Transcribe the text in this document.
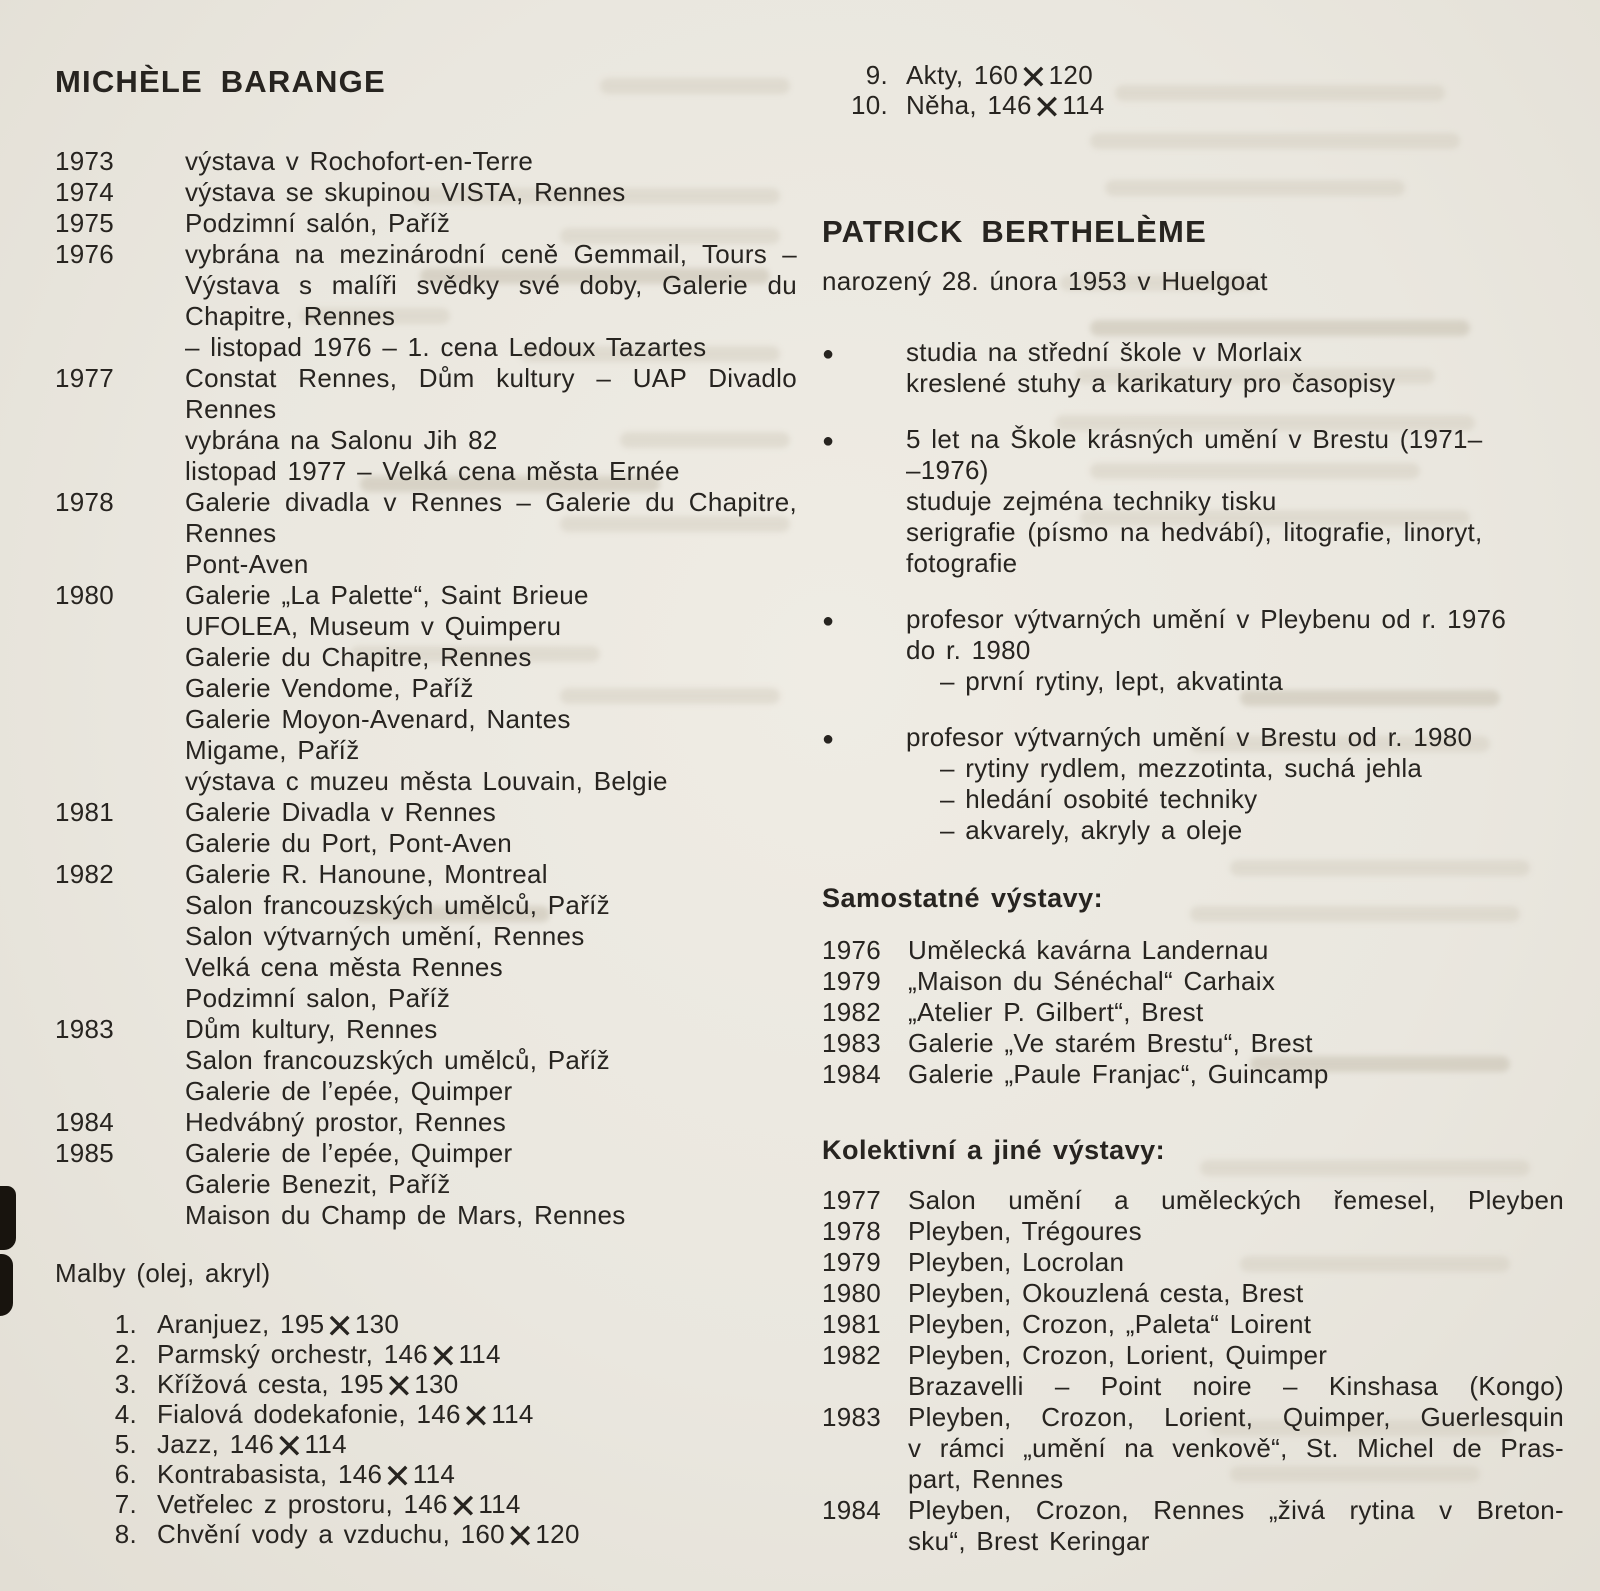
MICHÈLE BARANGE
1973	výstava v Rochofort-en-Terre
1974	výstava se skupinou VISTA, Rennes
1975	Podzimní salón, Paříž
1976	vybrána na mezinárodní ceně Gemmail, Tours –
Výstava s malíři svědky své doby, Galerie du
Chapitre, Rennes
– listopad 1976 – 1. cena Ledoux Tazartes
1977	Constat Rennes, Dům kultury – UAP Divadlo
Rennes
vybrána na Salonu Jih 82
listopad 1977 – Velká cena města Ernée
1978	Galerie divadla v Rennes – Galerie du Chapitre,
Rennes
Pont-Aven
1980	Galerie „La Palette“, Saint Brieue
UFOLEA, Museum v Quimperu
Galerie du Chapitre, Rennes
Galerie Vendome, Paříž
Galerie Moyon-Avenard, Nantes
Migame, Paříž
výstava c muzeu města Louvain, Belgie
1981	Galerie Divadla v Rennes
Galerie du Port, Pont-Aven
1982	Galerie R. Hanoune, Montreal
Salon francouzských umělců, Paříž
Salon výtvarných umění, Rennes
Velká cena města Rennes
Podzimní salon, Paříž
1983	Dům kultury, Rennes
Salon francouzských umělců, Paříž
Galerie de l’epée, Quimper
1984	Hedvábný prostor, Rennes
1985	Galerie de l’epée, Quimper
Galerie Benezit, Paříž
Maison du Champ de Mars, Rennes
Malby (olej, akryl)
1. Aranjuez, 195✕130
2. Parmský orchestr, 146✕114
3. Křížová cesta, 195✕130
4. Fialová dodekafonie, 146✕114
5. Jazz, 146✕114
6. Kontrabasista, 146✕114
7. Vetřelec z prostoru, 146✕114
8. Chvění vody a vzduchu, 160✕120
9. Akty, 160✕120
10. Něha, 146✕114
PATRICK BERTHELÈME

narozený 28. února 1953 v Huelgoat

●	studia na střední škole v Morlaix
kreslené stuhy a karikatury pro časopisy
●	5 let na Škole krásných umění v Brestu (1971–
–1976)
studuje zejména techniky tisku
serigrafie (písmo na hedvábí), litografie, linoryt,
fotografie
●	profesor výtvarných umění v Pleybenu od r. 1976
do r. 1980
– první rytiny, lept, akvatinta
●	profesor výtvarných umění v Brestu od r. 1980
– rytiny rydlem, mezzotinta, suchá jehla
– hledání osobité techniky
– akvarely, akryly a oleje
Samostatné výstavy:
1976	Umělecká kavárna Landernau
1979	„Maison du Sénéchal“ Carhaix
1982	„Atelier P. Gilbert“, Brest
1983	Galerie „Ve starém Brestu“, Brest
1984	Galerie „Paule Franjac“, Guincamp
Kolektivní a jiné výstavy:
1977	Salon umění a uměleckých řemesel, Pleyben
1978	Pleyben, Trégoures
1979	Pleyben, Locrolan
1980	Pleyben, Okouzlená cesta, Brest
1981	Pleyben, Crozon, „Paleta“ Loirent
1982	Pleyben, Crozon, Lorient, Quimper
Brazavelli – Point noire – Kinshasa (Kongo)
1983	Pleyben, Crozon, Lorient, Quimper, Guerlesquin
v rámci „umění na venkově“, St. Michel de Pras-
part, Rennes
1984	Pleyben, Crozon, Rennes „živá rytina v Breton-
sku“, Brest Keringar
